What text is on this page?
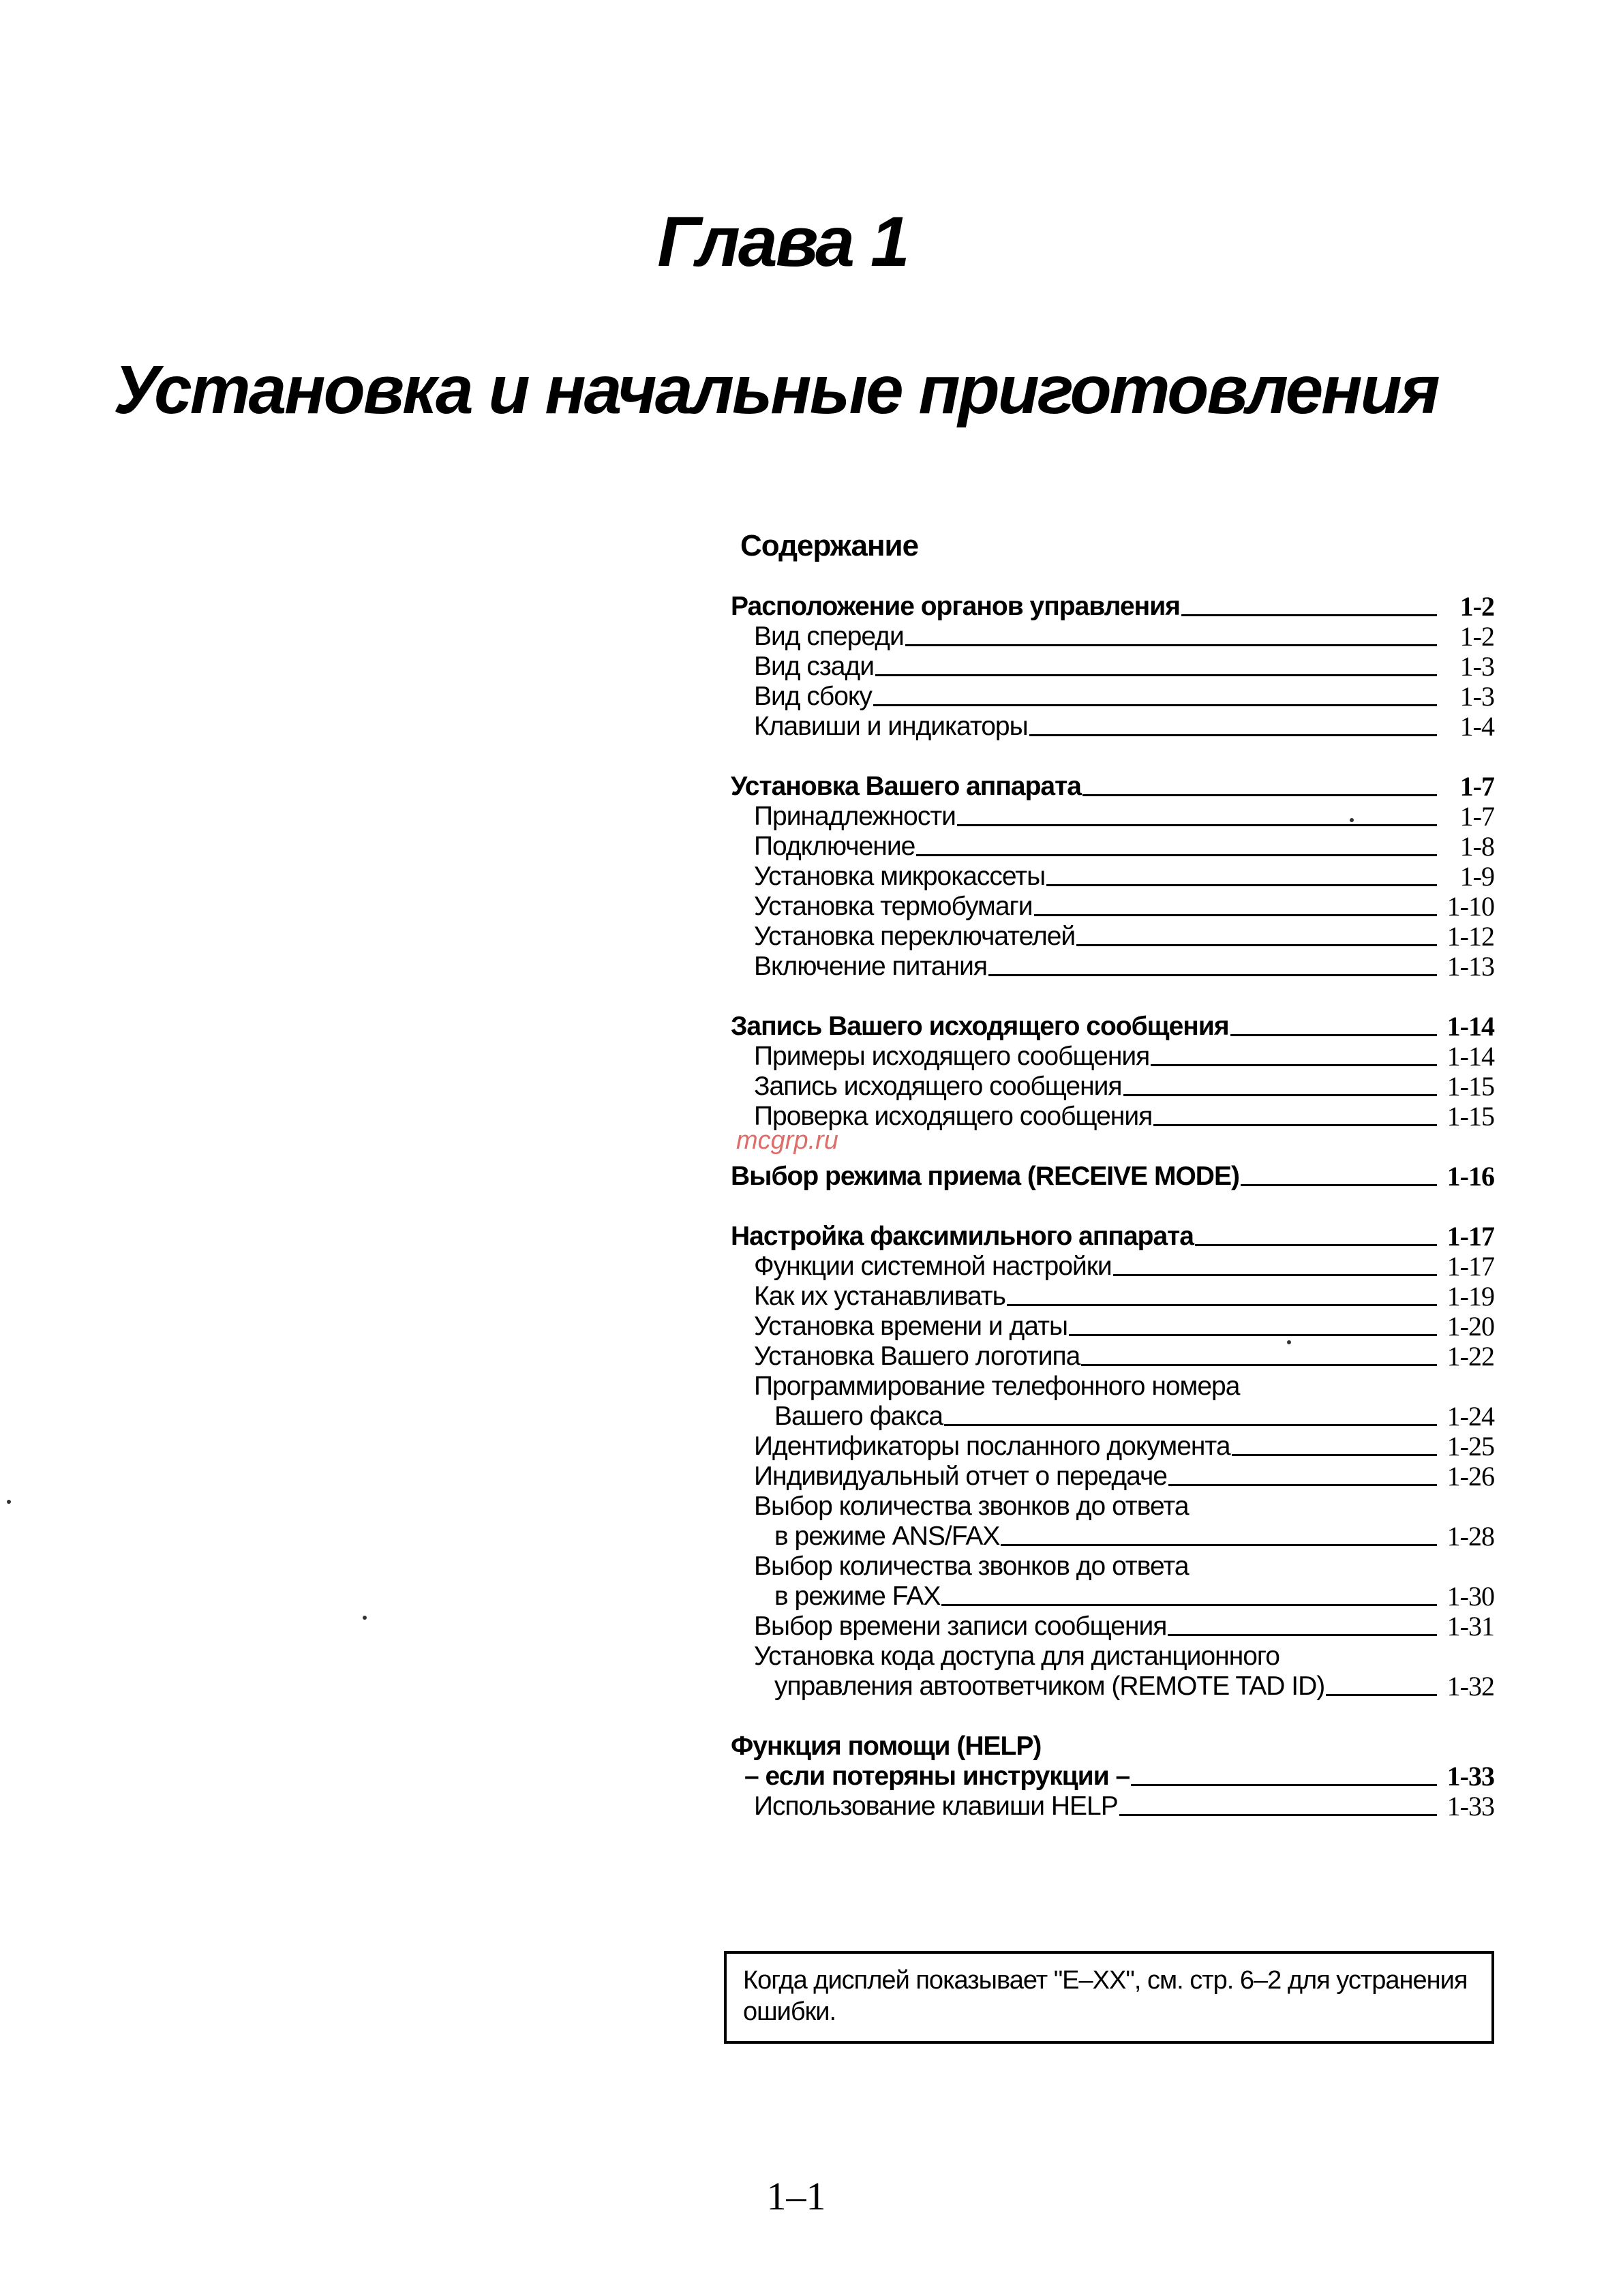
Глава 1
Установка и начальные приготовления
Содержание
Расположение органов управления	1-2
Вид спереди	1-2
Вид сзади	1-3
Вид сбоку	1-3
Клавиши и индикаторы	1-4
Установка Вашего аппарата	1-7
Принадлежности	1-7
Подключение	1-8
Установка микрокассеты	1-9
Установка термобумаги	1-10
Установка переключателей	1-12
Включение питания	1-13
Запись Вашего исходящего сообщения	1-14
Примеры исходящего сообщения	1-14
Запись исходящего сообщения	1-15
Проверка исходящего сообщения	1-15
Выбор режима приема (RECEIVE MODE)	1-16
Настройка факсимильного аппарата	1-17
Функции системной настройки	1-17
Как их устанавливать	1-19
Установка времени и даты	1-20
Установка Вашего логотипа	1-22
Программирование телефонного номера
Вашего факса	1-24
Идентификаторы посланного документа	1-25
Индивидуальный отчет о передаче	1-26
Выбор количества звонков до ответа
в режиме ANS/FAX	1-28
Выбор количества звонков до ответа
в режиме FAX	1-30
Выбор времени записи сообщения	1-31
Установка кода доступа для дистанционного
управления автоответчиком (REMOTE TAD ID)	1-32
Функция помощи (HELP)
– если потеряны инструкции –	1-33
Использование клавиши HELP	1-33
mcgrp.ru
Когда дисплей показывает "E–XX", см. стр. 6–2 для устранения ошибки.
1–1
